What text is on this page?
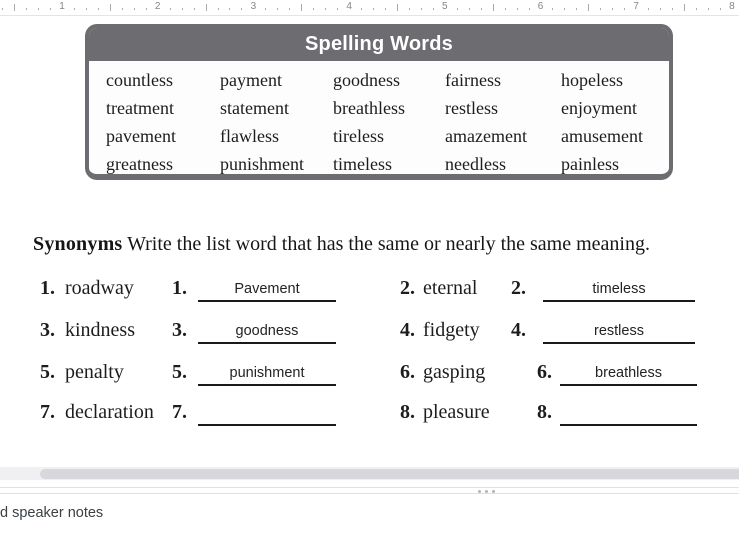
1	2	3	4	5	6	7	8
Spelling Words
countless	payment	goodness	fairness	hopeless
treatment	statement	breathless	restless	enjoyment
pavement	flawless	tireless	amazement	amusement
greatness	punishment	timeless	needless	painless
Synonyms Write the list word that has the same or nearly the same meaning.
1. roadway 1.	Pavement	2. eternal 2.	timeless
3. kindness 3.	goodness	4. fidgety 4.	restless
5. penalty 5.	punishment	6. gasping	6.	breathless
7. declaration 7.	8. pleasure 8.
d speaker notes
